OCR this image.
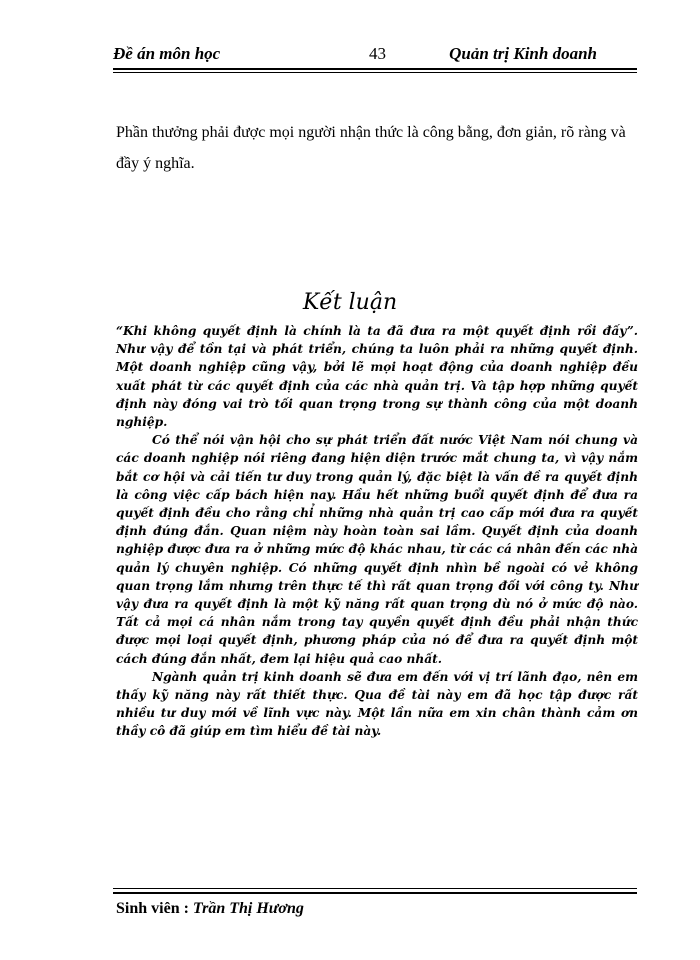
Đề án môn học	43	Quản trị Kinh doanh

Phần thưởng phải được mọi người nhận thức là công bằng, đơn giản, rõ ràng và đầy ý nghĩa.

Kết luận

“Khi không quyết định là chính là ta đã đưa ra một quyết định rồi đấy”. Như vậy để tồn tại và phát triển, chúng ta luôn phải ra những quyết định. Một doanh nghiệp cũng vậy, bởi lẽ mọi hoạt động của doanh nghiệp đều xuất phát từ các quyết định của các nhà quản trị. Và tập hợp những quyết định này đóng vai trò tối quan trọng trong sự thành công của một doanh nghiệp.

Có thể nói vận hội cho sự phát triển đất nước Việt Nam nói chung và các doanh nghiệp nói riêng đang hiện diện trước mắt chung ta, vì vậy nắm bắt cơ hội và cải tiến tư duy trong quản lý, đặc biệt là vấn đề ra quyết định là công việc cấp bách hiện nay. Hầu hết những buổi quyết định để đưa ra quyết định đều cho rằng chỉ những nhà quản trị cao cấp mới đưa ra quyết định đúng đắn. Quan niệm này hoàn toàn sai lầm. Quyết định của doanh nghiệp được đưa ra ở những mức độ khác nhau, từ các cá nhân đến các nhà quản lý chuyên nghiệp. Có những quyết định nhìn bề ngoài có vẻ không quan trọng lắm nhưng trên thực tế thì rất quan trọng đối với công ty. Như vậy đưa ra quyết định là một kỹ năng rất quan trọng dù nó ở mức độ nào. Tất cả mọi cá nhân nắm trong tay quyền quyết định đều phải nhận thức được mọi loại quyết định, phương pháp của nó để đưa ra quyết định một cách đúng đắn nhất, đem lại hiệu quả cao nhất.

Ngành quản trị kinh doanh sẽ đưa em đến với vị trí lãnh đạo, nên em thấy kỹ năng này rất thiết thực. Qua đề tài này em đã học tập được rất nhiều tư duy mới về lĩnh vực này. Một lần nữa em xin chân thành cảm ơn thầy cô đã giúp em tìm hiểu đề tài này.

Sinh viên : Trần Thị Hương
